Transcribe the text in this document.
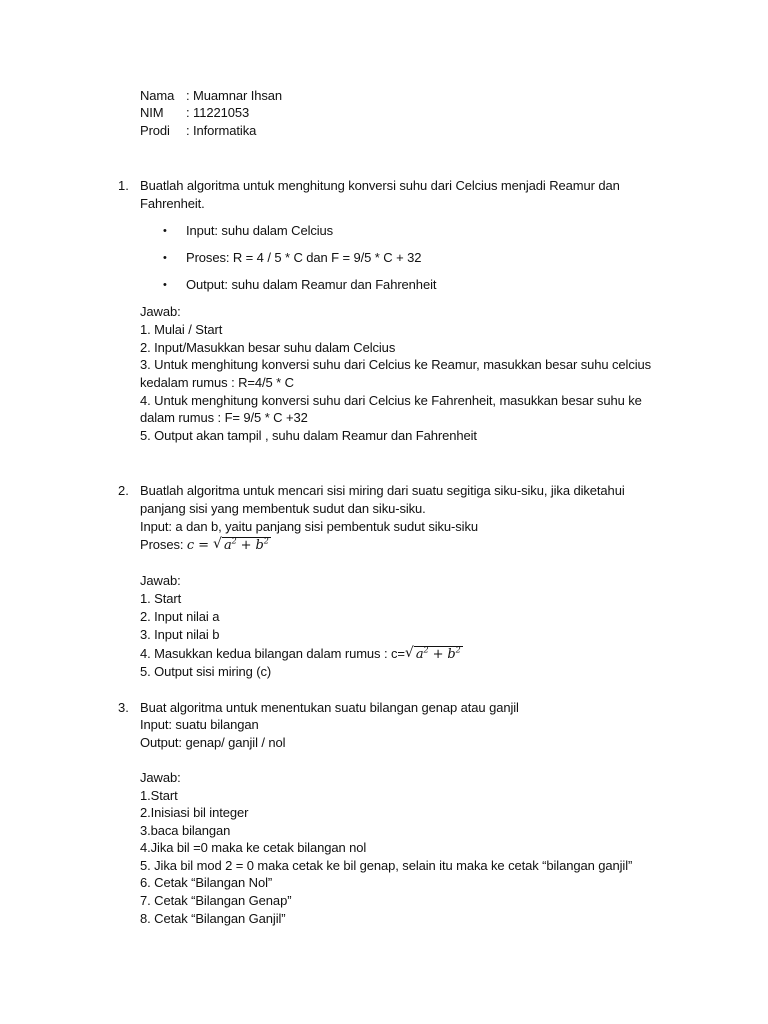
Nama : Muamnar Ihsan
NIM : 11221053
Prodi : Informatika
1. Buatlah algoritma untuk menghitung konversi suhu dari Celcius menjadi Reamur dan
Fahrenheit.
• Input: suhu dalam Celcius
• Proses: R = 4 / 5 * C dan F = 9/5 * C + 32
• Output: suhu dalam Reamur dan Fahrenheit
Jawab:
1. Mulai / Start
2. Input/Masukkan besar suhu dalam Celcius
3. Untuk menghitung konversi suhu dari Celcius ke Reamur, masukkan besar suhu celcius
kedalam rumus : R=4/5 * C
4. Untuk menghitung konversi suhu dari Celcius ke Fahrenheit, masukkan besar suhu ke
dalam rumus : F= 9/5 * C +32
5. Output akan tampil , suhu dalam Reamur dan Fahrenheit
2. Buatlah algoritma untuk mencari sisi miring dari suatu segitiga siku-siku, jika diketahui
panjang sisi yang membentuk sudut dan siku-siku.
Input: a dan b, yaitu panjang sisi pembentuk sudut siku-siku
Proses: c = √ $a^2 + b^2$
Jawab:
1. Start
2. Input nilai a
3. Input nilai b
4. Masukkan kedua bilangan dalam rumus : c= √ $a^2 + b^2$
5. Output sisi miring (c)
3. Buat algoritma untuk menentukan suatu bilangan genap atau ganjil
Input: suatu bilangan
Output: genap/ ganjil / nol
Jawab:
1.Start
2.Inisiasi bil integer
3.baca bilangan
4.Jika bil =0 maka ke cetak bilangan nol
5. Jika bil mod 2 = 0 maka cetak ke bil genap, selain itu maka ke cetak “bilangan ganjil”
6. Cetak “Bilangan Nol”
7. Cetak “Bilangan Genap”
8. Cetak “Bilangan Ganjil”
